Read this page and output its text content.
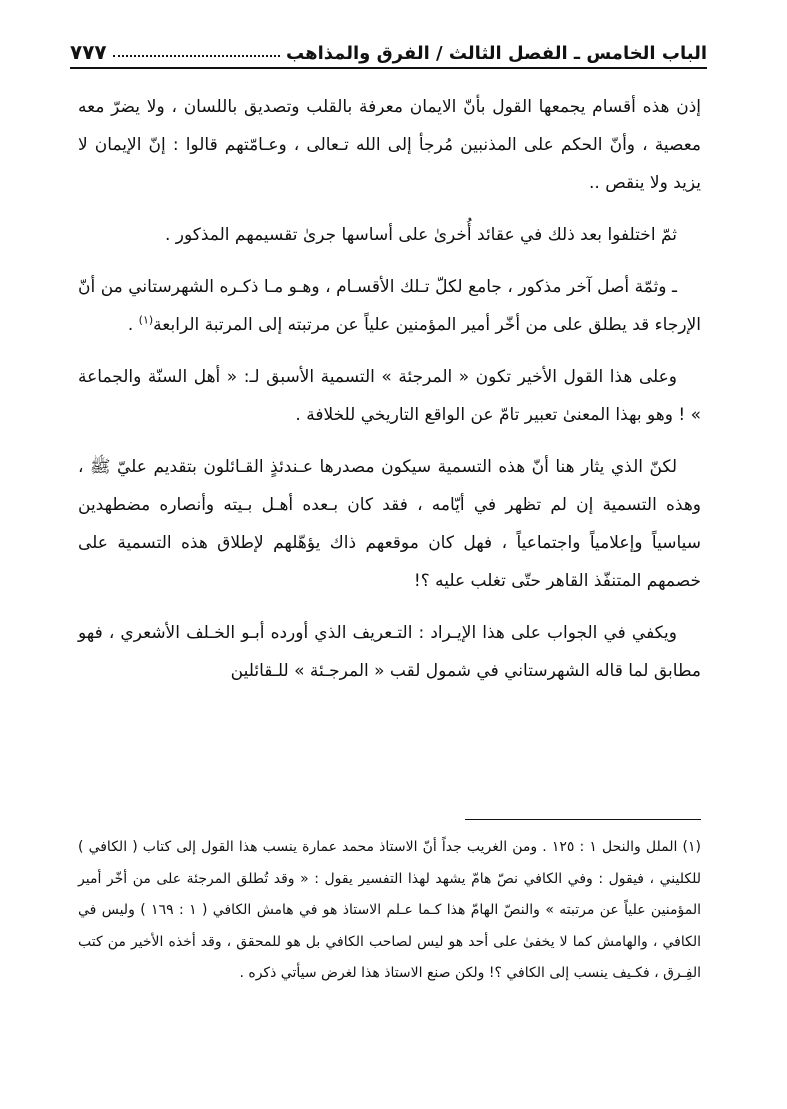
الباب الخامس ـ الفصل الثالث / الفرق والمذاهب
٧٧٧

إذن هذه أقسام يجمعها القول بأنّ الايمان معرفة بالقلب وتصديق باللسان ، ولا يضرّ معه معصية ، وأنّ الحكم على المذنبين مُرجأ إلى الله تـعالى ، وعـامّتهم قالوا : إنّ الإيمان لا يزيد ولا ينقص ..

ثمّ اختلفوا بعد ذلك في عقائد أُخرىٰ على أساسها جرىٰ تقسيمهم المذكور .

ـ وثمّة أصل آخر مذكور ، جامع لكلّ تـلك الأقسـام ، وهـو مـا ذكـره الشهرستاني من أنّ الإرجاء قد يطلق على من أخّر أمير المؤمنين علياً عن مرتبته إلى المرتبة الرابعة$^{(١)}$ .

وعلى هذا القول الأخير تكون « المرجئة » التسمية الأسبق لـ: « أهل السنّة والجماعة » ! وهو بهذا المعنىٰ تعبير تامّ عن الواقع التاريخي للخلافة .

لكنّ الذي يثار هنا أنّ هذه التسمية سيكون مصدرها عـندئذٍ القـائلون بتقديم عليّ ﷺ ، وهذه التسمية إن لم تظهر في أيّامه ، فقد كان بـعده أهـل بـيته وأنصاره مضطهدين سياسياً وإعلامياً واجتماعياً ، فهل كان موقعهم ذاك يؤهّلهم لإطلاق هذه التسمية على خصمهم المتنفّذ القاهر حتّى تغلب عليه ؟!

ويكفي في الجواب على هذا الإيـراد : التـعريف الذي أورده أبـو الخـلف الأشعري ، فهو مطابق لما قاله الشهرستاني في شمول لقب « المرجـئة » للـقائلين

(١) الملل والنحل ١ : ١٢٥ . ومن الغريب جداً أنّ الاستاذ محمد عمارة ينسب هذا القول إلى كتاب ( الكافي ) للكليني ، فيقول : وفي الكافي نصّ هامّ يشهد لهذا التفسير يقول : « وقد تُطلق المرجئة على من أخّر أمير المؤمنين علياً عن مرتبته » والنصّ الهامّ هذا كـما عـلم الاستاذ هو في هامش الكافي ( ١ : ١٦٩ ) وليس في الكافي ، والهامش كما لا يخفىٰ على أحد هو ليس لصاحب الكافي بل هو للمحقق ، وقد أخذه الأخير من كتب الفِـرق ، فكـيف ينسب إلى الكافي ؟! ولكن صنع الاستاذ هذا لغرض سيأتي ذكره .
